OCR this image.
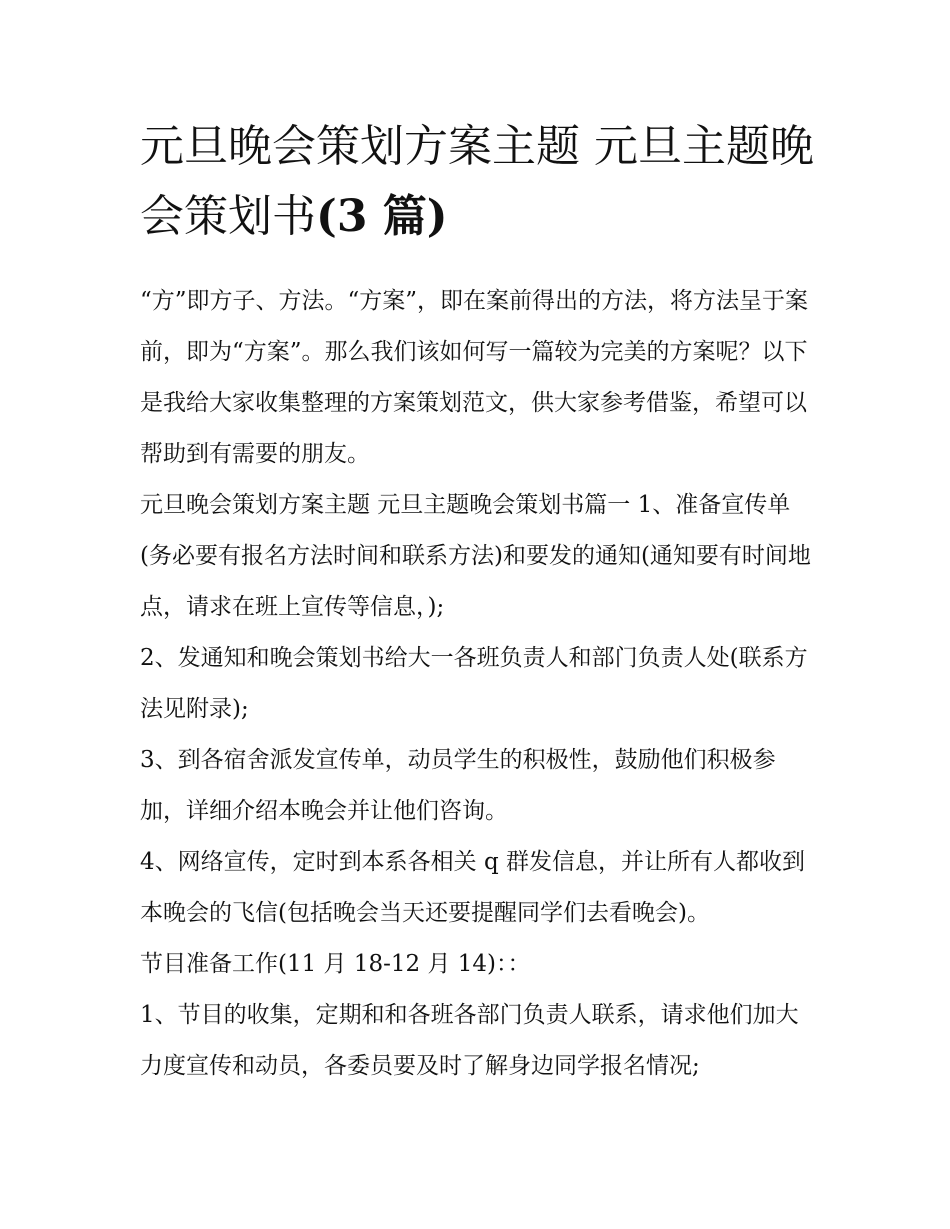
元旦晚会策划方案主题 元旦主题晚会策划书(3 篇)

“方”即方子、方法。“方案”，即在案前得出的方法，将方法呈于案前，即为“方案”。那么我们该如何写一篇较为完美的方案呢？以下是我给大家收集整理的方案策划范文，供大家参考借鉴，希望可以帮助到有需要的朋友。

元旦晚会策划方案主题 元旦主题晚会策划书篇一 1、准备宣传单(务必要有报名方法时间和联系方法)和要发的通知(通知要有时间地点，请求在班上宣传等信息，);

2、发通知和晚会策划书给大一各班负责人和部门负责人处(联系方法见附录);

3、到各宿舍派发宣传单，动员学生的积极性，鼓励他们积极参加，详细介绍本晚会并让他们咨询。

4、网络宣传，定时到本系各相关 q 群发信息，并让所有人都收到本晚会的飞信(包括晚会当天还要提醒同学们去看晚会)。

节目准备工作(11 月 18-12 月 14)：：

1、节目的收集，定期和和各班各部门负责人联系，请求他们加大力度宣传和动员，各委员要及时了解身边同学报名情况;
